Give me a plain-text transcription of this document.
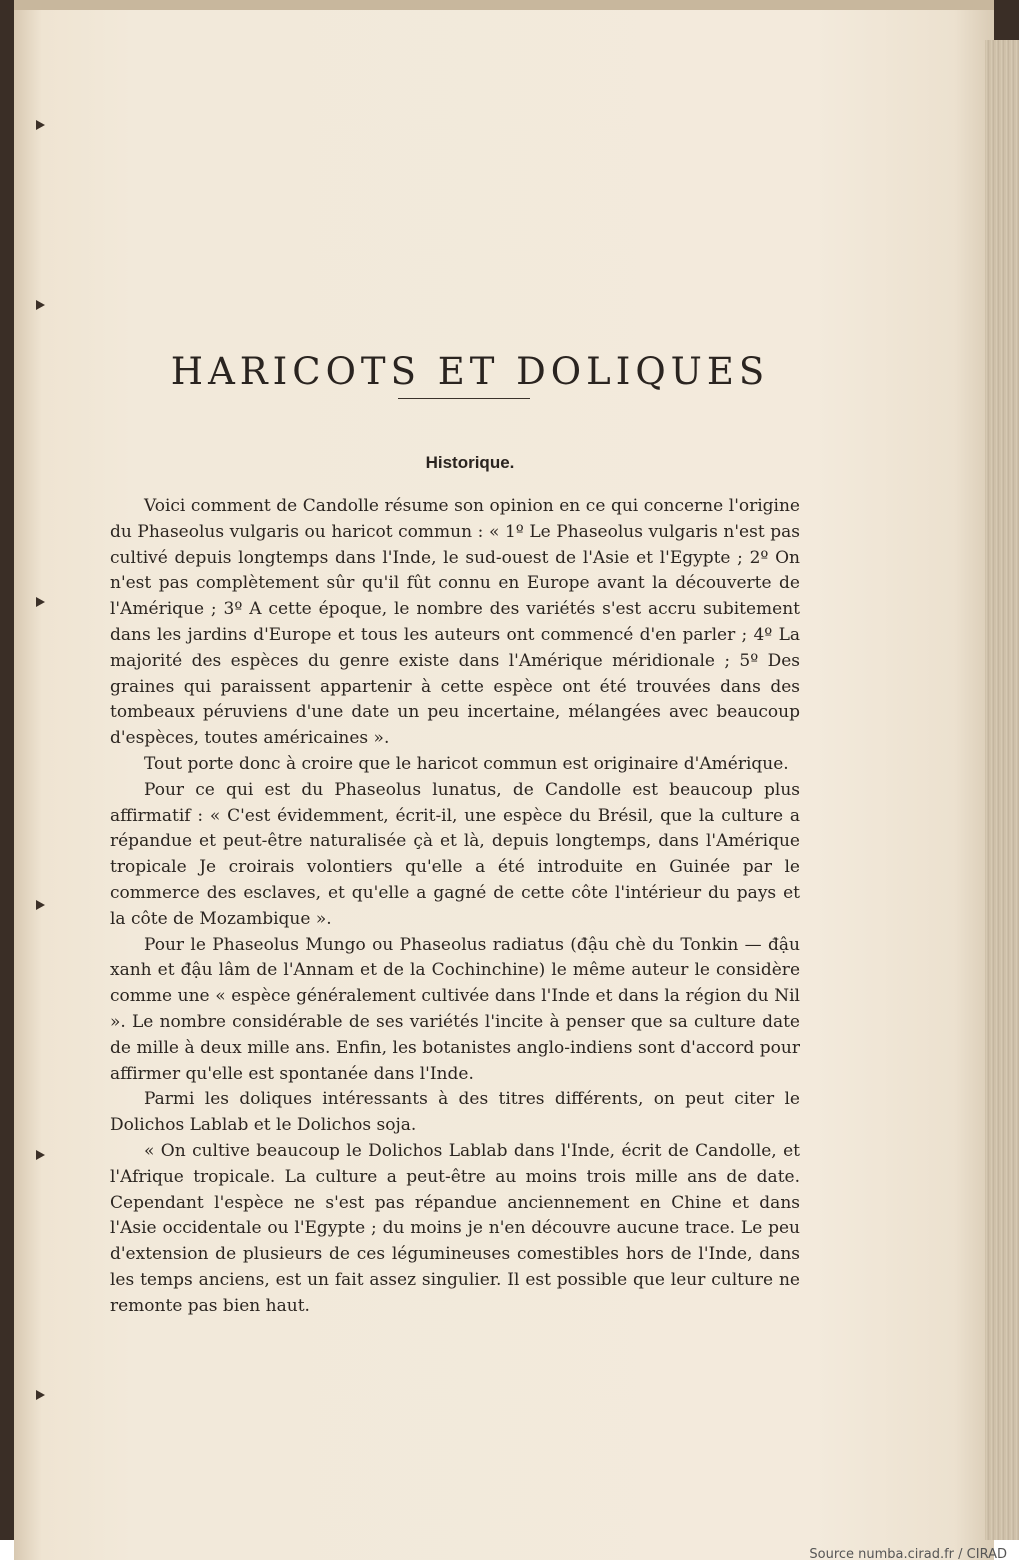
HARICOTS ET DOLIQUES
Historique.

Voici comment de Candolle résume son opinion en ce qui concerne l'origine du Phaseolus vulgaris ou haricot commun : « 1º Le Phaseolus vulgaris n'est pas cultivé depuis longtemps dans l'Inde, le sud-ouest de l'Asie et l'Egypte ; 2º On n'est pas complètement sûr qu'il fût connu en Europe avant la découverte de l'Amérique ; 3º A cette époque, le nombre des variétés s'est accru subitement dans les jardins d'Europe et tous les auteurs ont commencé d'en parler ; 4º La majorité des espèces du genre existe dans l'Amérique méridionale ; 5º Des graines qui paraissent appartenir à cette espèce ont été trouvées dans des tombeaux péruviens d'une date un peu incertaine, mélangées avec beaucoup d'espèces, toutes américaines ».

Tout porte donc à croire que le haricot commun est originaire d'Amérique.

Pour ce qui est du Phaseolus lunatus, de Candolle est beaucoup plus affirmatif : « C'est évidemment, écrit-il, une espèce du Brésil, que la culture a répandue et peut-être naturalisée çà et là, depuis longtemps, dans l'Amérique tropicale Je croirais volontiers qu'elle a été introduite en Guinée par le commerce des esclaves, et qu'elle a gagné de cette côte l'intérieur du pays et la côte de Mozambique ».

Pour le Phaseolus Mungo ou Phaseolus radiatus (đậu chè du Tonkin — đậu xanh et đậu lâm de l'Annam et de la Cochinchine) le même auteur le considère comme une « espèce généralement cultivée dans l'Inde et dans la région du Nil ». Le nombre considérable de ses variétés l'incite à penser que sa culture date de mille à deux mille ans. Enfin, les botanistes anglo-indiens sont d'accord pour affirmer qu'elle est spontanée dans l'Inde.

Parmi les doliques intéressants à des titres différents, on peut citer le Dolichos Lablab et le Dolichos soja.

« On cultive beaucoup le Dolichos Lablab dans l'Inde, écrit de Candolle, et l'Afrique tropicale. La culture a peut-être au moins trois mille ans de date. Cependant l'espèce ne s'est pas répandue anciennement en Chine et dans l'Asie occidentale ou l'Egypte ; du moins je n'en découvre aucune trace. Le peu d'extension de plusieurs de ces légumineuses comestibles hors de l'Inde, dans les temps anciens, est un fait assez singulier. Il est possible que leur culture ne remonte pas bien haut.

Source numba.cirad.fr / CIRAD
